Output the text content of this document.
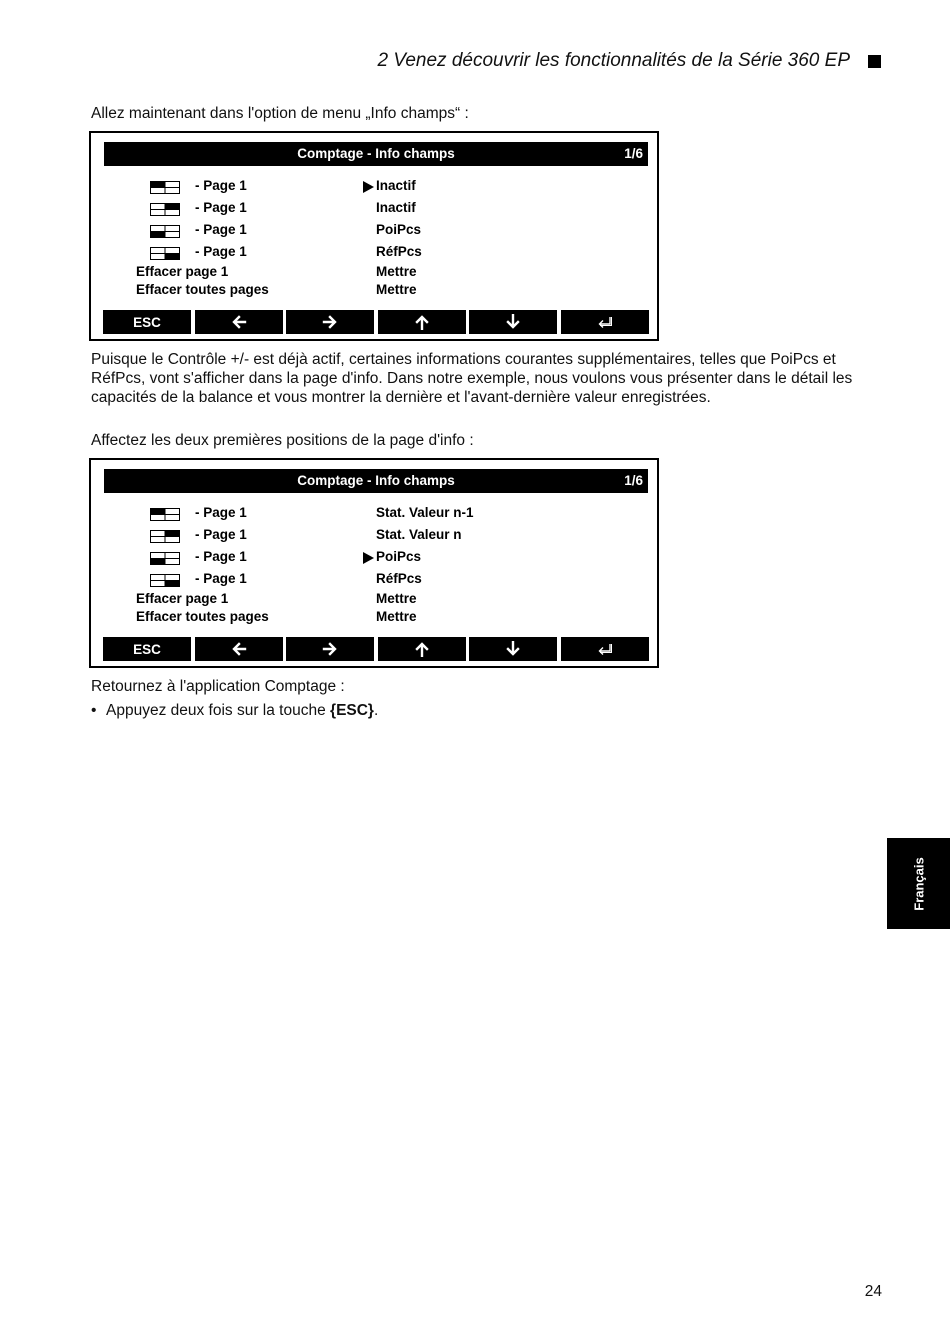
2 Venez découvrir les fonctionnalités de la Série 360 EP
Allez maintenant dans l'option de menu „Info champs“ :
Comptage - Info champs	1/6
- Page 1	Inactif
- Page 1	Inactif
- Page 1	PoiPcs
- Page 1	RéfPcs
Effacer page 1	Mettre
Effacer toutes pages	Mettre
ESC
Puisque le Contrôle +/- est déjà actif, certaines informations courantes supplémentaires, telles que PoiPcs et RéfPcs, vont s'afficher dans la page d'info. Dans notre exemple, nous voulons vous présenter dans le détail les capacités de la balance et vous montrer la dernière et l'avant-dernière valeur enregistrées.
Affectez les deux premières positions de la page d'info :
Comptage - Info champs	1/6
- Page 1	Stat. Valeur n-1
- Page 1	Stat. Valeur n
- Page 1	PoiPcs
- Page 1	RéfPcs
Effacer page 1	Mettre
Effacer toutes pages	Mettre
ESC
Retournez à l'application Comptage :
• Appuyez deux fois sur la touche {ESC}.
Français
24
